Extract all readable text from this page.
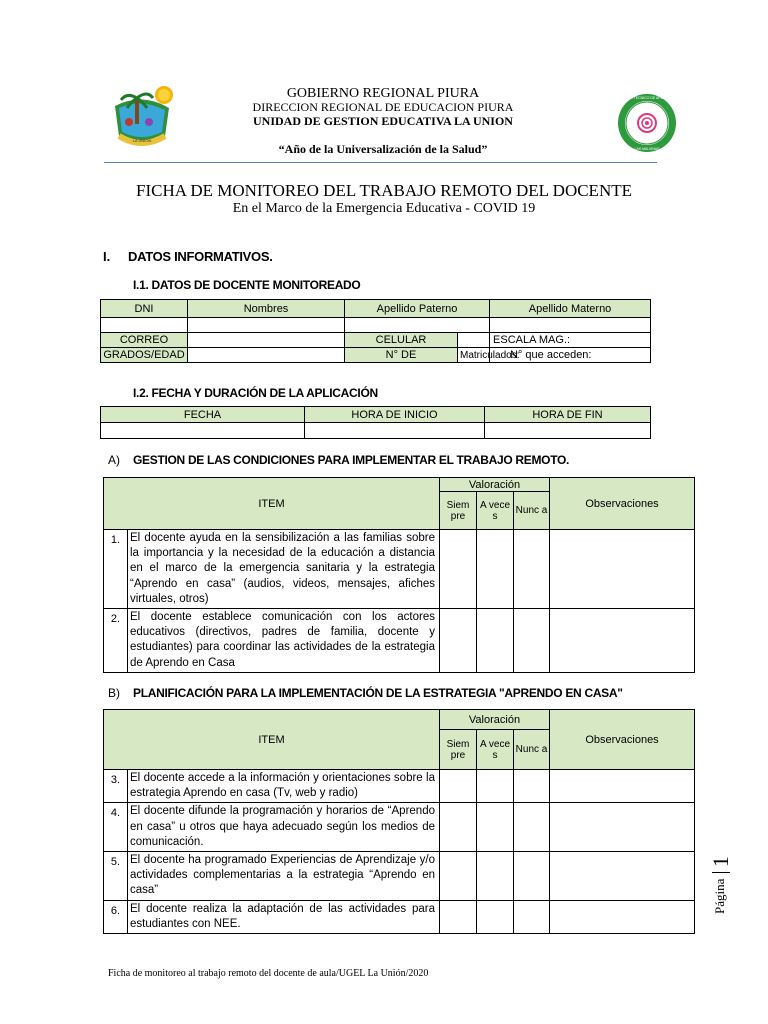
LA UNION
COLEGIO TECNICO DE APLICACION
LAS MALVINAS
GOBIERNO REGIONAL PIURA
DIRECCION REGIONAL DE EDUCACION PIURA
UNIDAD DE GESTION EDUCATIVA LA UNION
“Año de la Universalización de la Salud”
FICHA DE MONITOREO DEL TRABAJO REMOTO DEL DOCENTE
En el Marco de la Emergencia Educativa - COVID 19
I. DATOS INFORMATIVOS.
I.1. DATOS DE DOCENTE MONITOREADO
DNI	Nombres	Apellido Paterno		Apellido Materno

CORREO		CELULAR		ESCALA MAG.:
GRADOS/EDAD		N° DE	Matriculados:	N° que acceden:
I.2. FECHA Y DURACIÓN DE LA APLICACIÓN
FECHA	HORA DE INICIO	HORA DE FIN

A) GESTION DE LAS CONDICIONES PARA IMPLEMENTAR EL TRABAJO REMOTO.
ITEM		Valoración			Observaciones
		Siem pre	A vece s	Nunc a	
1.	El docente ayuda en la sensibilización a las familias sobre la importancia y la necesidad de la educación a distancia en el marco de la emergencia sanitaria y la estrategia “Aprendo en casa” (audios, videos, mensajes, afiches virtuales, otros)				
2.	El docente establece comunicación con los actores educativos (directivos, padres de familia, docente y estudiantes) para coordinar las actividades de la estrategia de Aprendo en Casa				
B) PLANIFICACIÓN PARA LA IMPLEMENTACIÓN DE LA ESTRATEGIA "APRENDO EN CASA"
ITEM		Valoración			Observaciones
		Siem pre	A vece s	Nunc a	
3.	El docente accede a la información y orientaciones sobre la estrategia Aprendo en casa (Tv, web y radio)				
4.	El docente difunde la programación y horarios de “Aprendo en casa” u otros que haya adecuado según los medios de comunicación.				
5.	El docente ha programado Experiencias de Aprendizaje y/o actividades complementarias a la estrategia “Aprendo en casa”				
6.	El docente realiza la adaptación de las actividades para estudiantes con NEE.				
Página  1
Ficha de monitoreo al trabajo remoto del docente de aula/UGEL La Unión/2020
